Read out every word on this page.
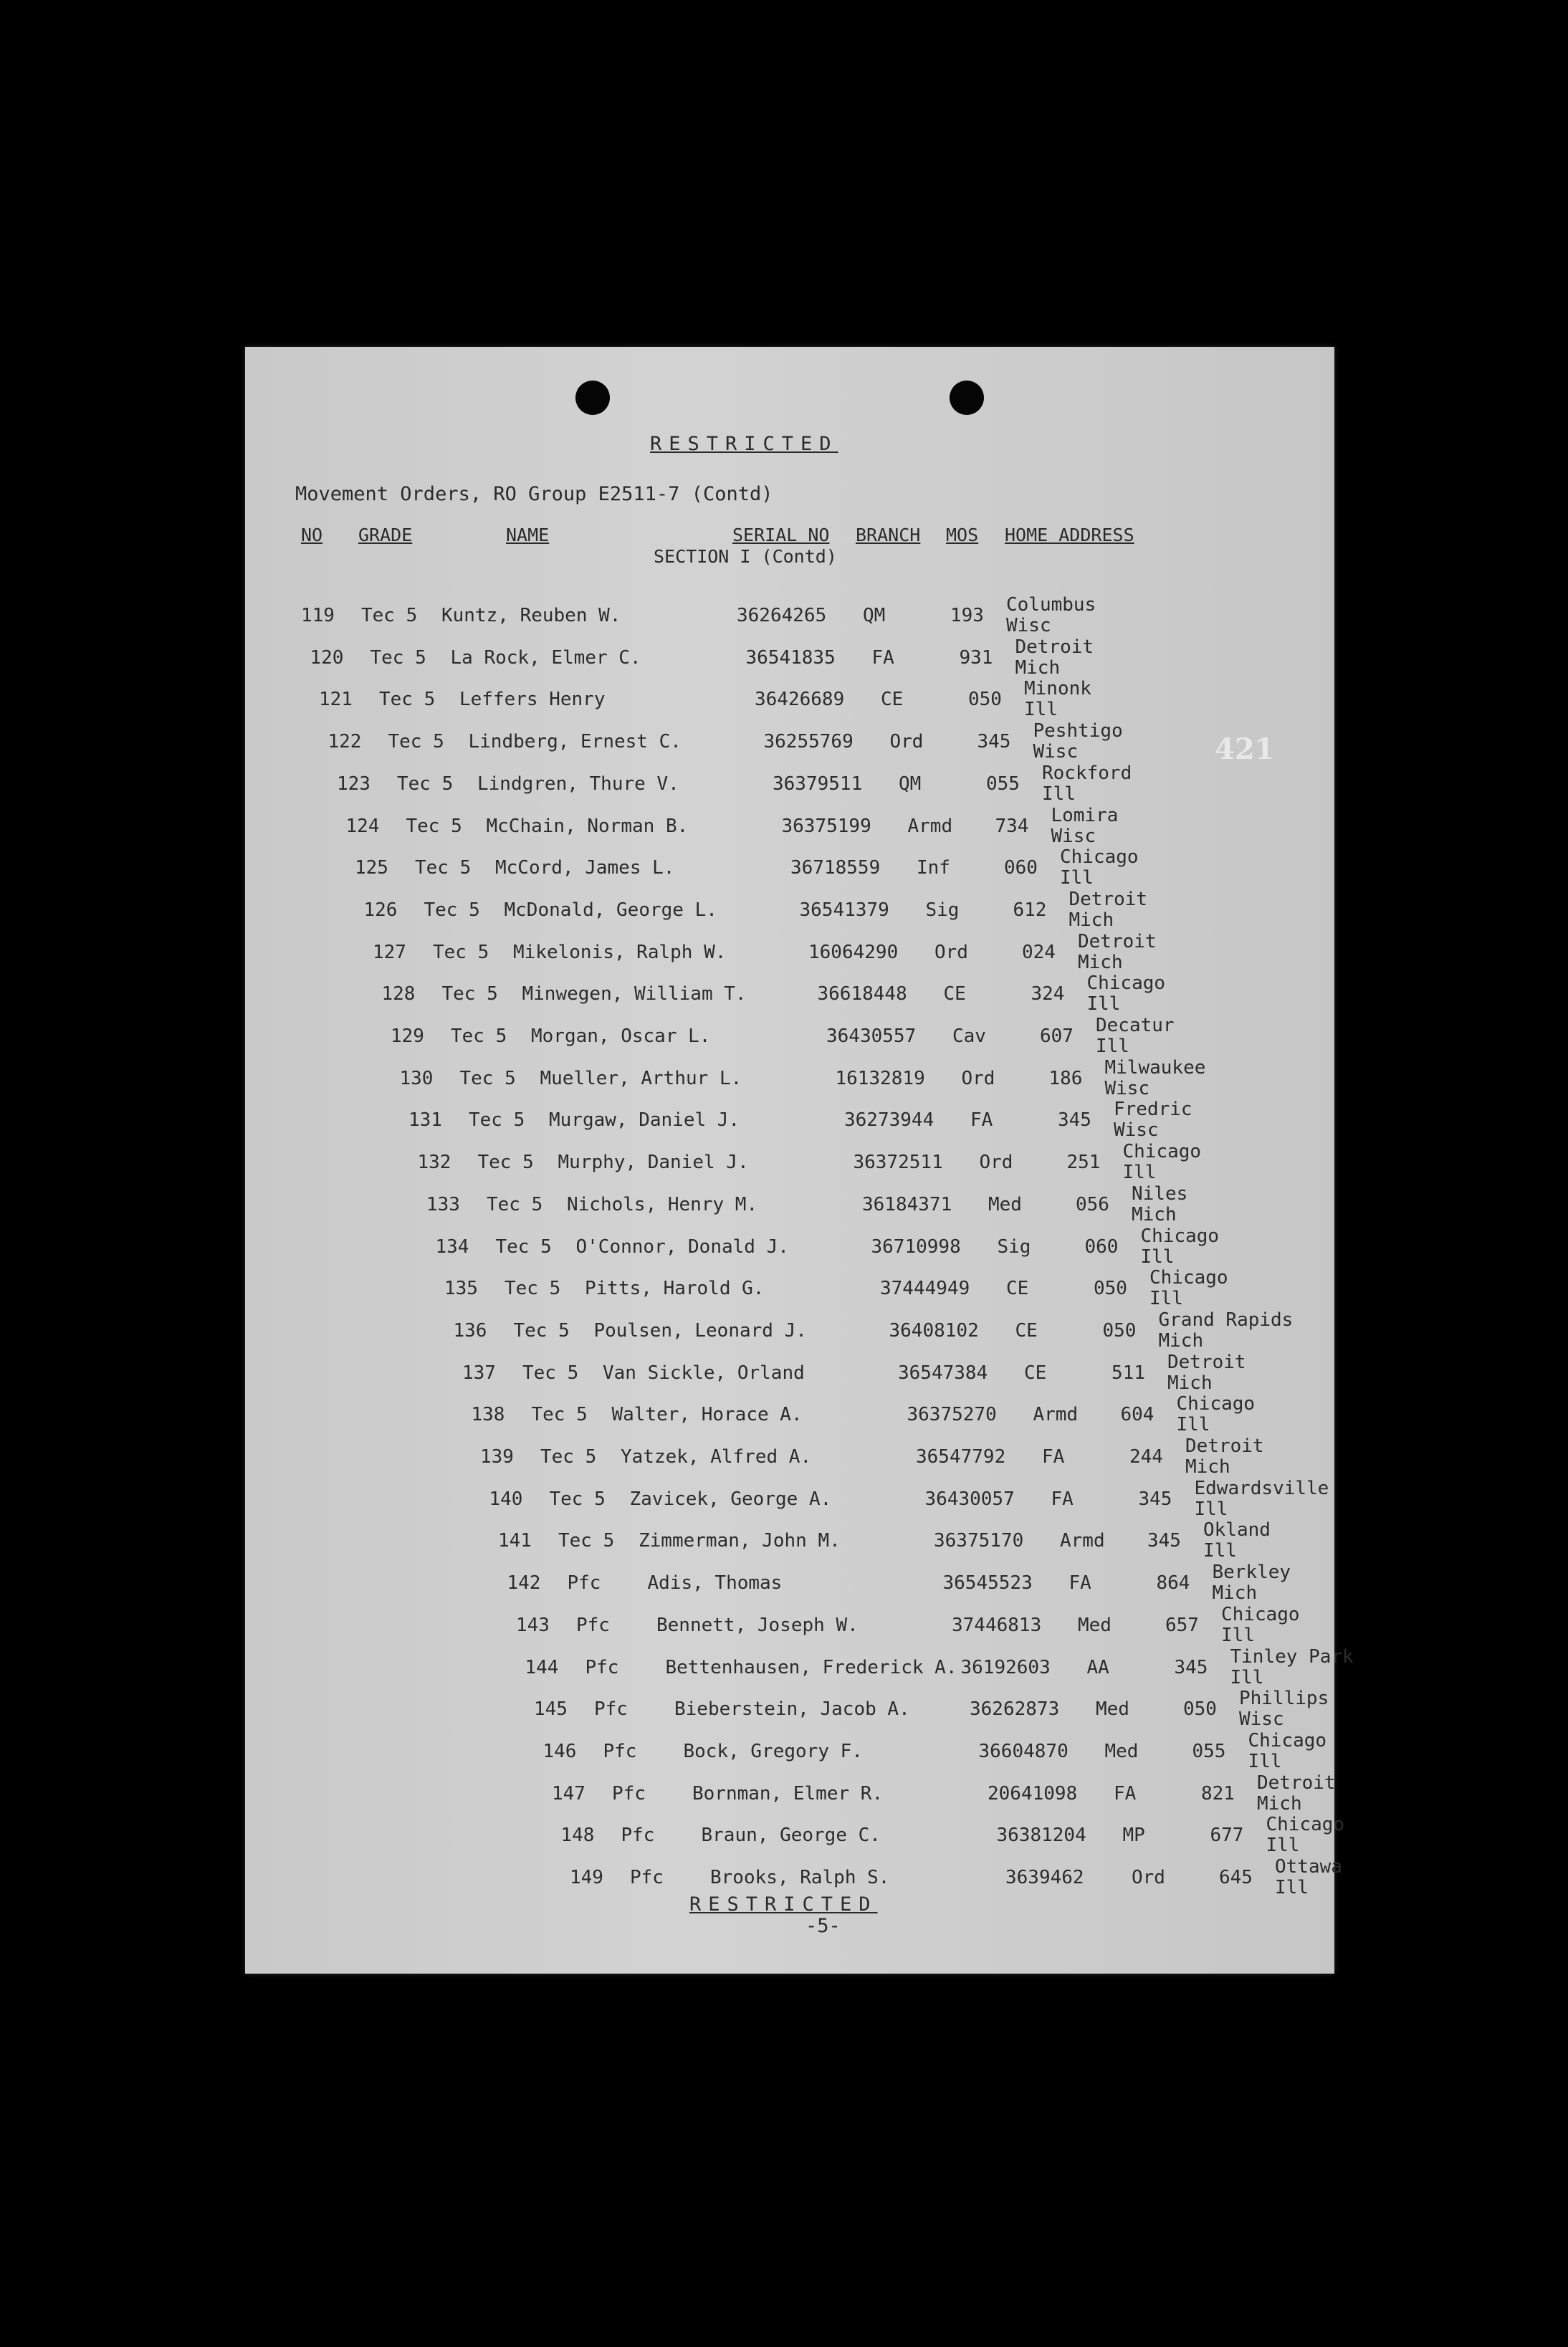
RESTRICTED
Movement Orders, RO Group E2511-7 (Contd)
NO GRADE	NAME	SERIAL NO BRANCH MOS HOME ADDRESS
SECTION I (Contd)
119 Tec 5 Kuntz, Reuben W.	36264265 QM	193 Columbus
Wisc
120 Tec 5 La Rock, Elmer C.	36541835 FA	931 Detroit
Mich
121 Tec 5 Leffers Henry	36426689 CE	050 Minonk
Ill
122 Tec 5 Lindberg, Ernest C.	36255769 Ord	345 Peshtigo
Wisc
123 Tec 5 Lindgren, Thure V.	36379511 QM	055 Rockford
Ill
124 Tec 5 McChain, Norman B.	36375199 Armd 734 Lomira
Wisc
125 Tec 5 McCord, James L.	36718559 Inf	060 Chicago
Ill
126 Tec 5 McDonald, George L.	36541379 Sig	612 Detroit
Mich
127 Tec 5 Mikelonis, Ralph W.	16064290 Ord	024 Detroit
Mich
128 Tec 5 Minwegen, William T.	36618448 CE	324 Chicago
Ill
129 Tec 5 Morgan, Oscar L.	36430557 Cav	607 Decatur
Ill
130 Tec 5 Mueller, Arthur L.	16132819 Ord	186 Milwaukee
Wisc
131 Tec 5 Murgaw, Daniel J.	36273944 FA	345 Fredric
Wisc
132 Tec 5 Murphy, Daniel J.	36372511 Ord	251 Chicago
Ill
133 Tec 5 Nichols, Henry M.	36184371 Med	056 Niles
Mich
134 Tec 5 O'Connor, Donald J.	36710998 Sig	060 Chicago
Ill
135 Tec 5 Pitts, Harold G.	37444949 CE	050 Chicago
Ill
136 Tec 5 Poulsen, Leonard J.	36408102 CE	050 Grand Rapids
Mich
137 Tec 5 Van Sickle, Orland	36547384 CE	511 Detroit
Mich
138 Tec 5 Walter, Horace A.	36375270 Armd 604 Chicago
Ill
139 Tec 5 Yatzek, Alfred A.	36547792 FA	244 Detroit
Mich
140 Tec 5 Zavicek, George A.	36430057 FA	345 Edwardsville
Ill
141 Tec 5 Zimmerman, John M.	36375170 Armd 345 Okland
Ill
142 Pfc	Adis, Thomas	36545523 FA	864 Berkley
Mich
143 Pfc	Bennett, Joseph W.	37446813 Med	657 Chicago
Ill
144 Pfc	Bettenhausen, Frederick A. 36192603 AA	345 Tinley Park
Ill
145 Pfc	Bieberstein, Jacob A.	36262873 Med	050 Phillips
Wisc
146 Pfc	Bock, Gregory F.	36604870 Med	055 Chicago
Ill
147 Pfc	Bornman, Elmer R.	20641098 FA	821 Detroit
Mich
148 Pfc	Braun, George C.	36381204 MP	677 Chicago
Ill
149 Pfc	Brooks, Ralph S.	3639462	Ord	645 Ottawa
Ill
RESTRICTED
-5-
421
